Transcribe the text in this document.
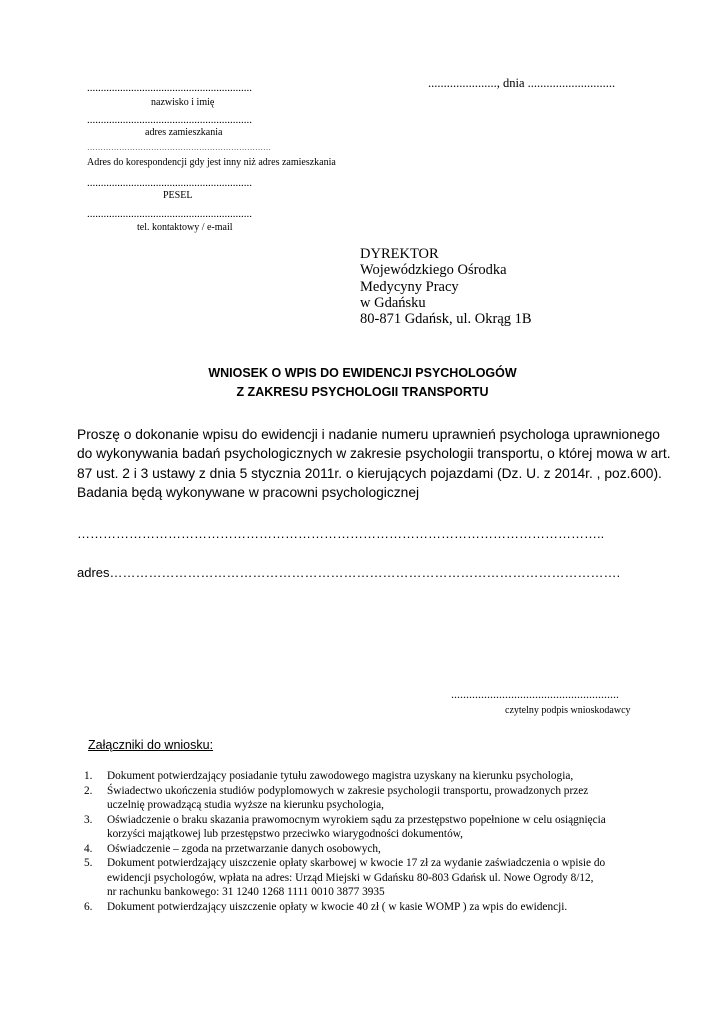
............................................................
nazwisko i imię
............................................................
adres zamieszkania
……………………………………………………………
Adres do korespondencji gdy jest inny niż adres zamieszkania
............................................................
PESEL
............................................................
tel. kontaktowy / e-mail
......................, dnia ............................
DYREKTOR
Wojewódzkiego Ośrodka
Medycyny Pracy
w Gdańsku
80-871 Gdańsk, ul. Okrąg 1B
WNIOSEK O WPIS DO EWIDENCJI PSYCHOLOGÓW
Z ZAKRESU PSYCHOLOGII TRANSPORTU
Proszę o dokonanie wpisu do ewidencji i nadanie numeru uprawnień psychologa uprawnionego
do wykonywania badań psychologicznych w zakresie psychologii transportu, o której mowa w art.
87 ust. 2 i 3 ustawy z dnia 5 stycznia 2011r. o kierujących pojazdami (Dz. U. z 2014r. , poz.600).
Badania będą wykonywane w pracowni psychologicznej
…………………………………………………………………………………………………………..
adres……………………………………………………………………………………………………….
........................................................
czytelny podpis wnioskodawcy
Załączniki do wniosku:
1.	Dokument potwierdzający posiadanie tytułu zawodowego magistra uzyskany na kierunku psychologia,
2.	Świadectwo ukończenia studiów podyplomowych w zakresie psychologii transportu, prowadzonych przez
uczelnię prowadzącą studia wyższe na kierunku psychologia,
3.	Oświadczenie o braku skazania prawomocnym wyrokiem sądu za przestępstwo popełnione w celu osiągnięcia
korzyści majątkowej lub przestępstwo przeciwko wiarygodności dokumentów,
4.	Oświadczenie – zgoda na przetwarzanie danych osobowych,
5.	Dokument potwierdzający uiszczenie opłaty skarbowej w kwocie 17 zł za wydanie zaświadczenia o wpisie do
ewidencji psychologów, wpłata na adres: Urząd Miejski w Gdańsku 80-803 Gdańsk ul. Nowe Ogrody 8/12,
nr rachunku bankowego: 31 1240 1268 1111 0010 3877 3935
6.	Dokument potwierdzający uiszczenie opłaty w kwocie 40 zł ( w kasie WOMP ) za wpis do ewidencji.
